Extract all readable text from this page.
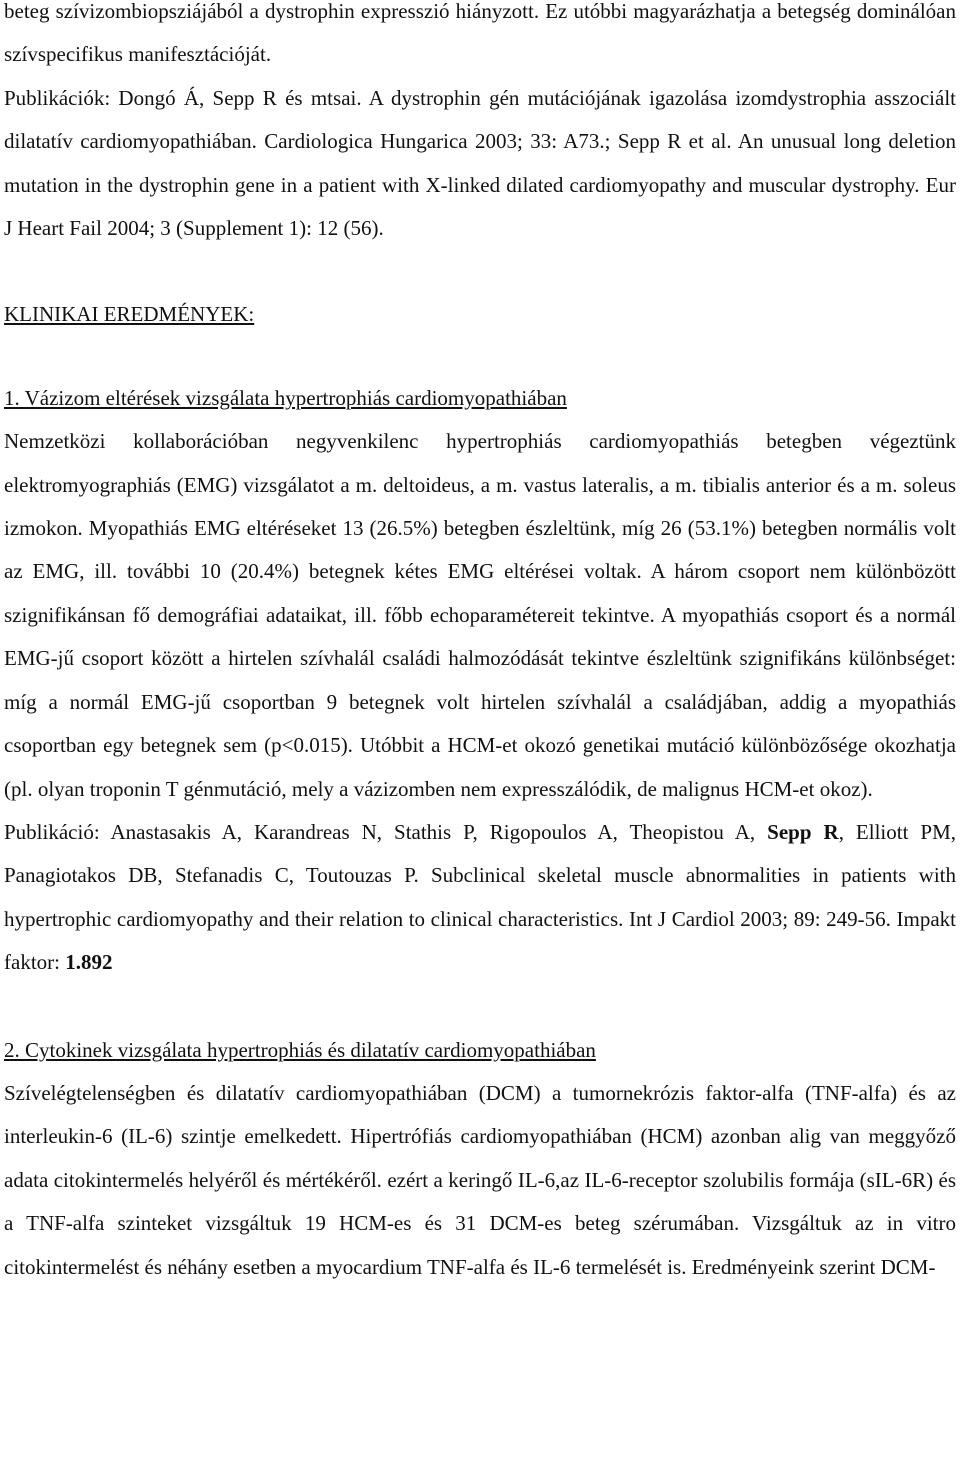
beteg szívizombiopsziájából a dystrophin expresszió hiányzott. Ez utóbbi magyarázhatja a betegség dominálóan szívspecifikus manifesztációját.

Publikációk: Dongó Á, Sepp R és mtsai. A dystrophin gén mutációjának igazolása izomdystrophia asszociált dilatatív cardiomyopathiában. Cardiologica Hungarica 2003; 33: A73.; Sepp R et al. An unusual long deletion mutation in the dystrophin gene in a patient with X-linked dilated cardiomyopathy and muscular dystrophy. Eur J Heart Fail 2004; 3 (Supplement 1): 12 (56).

KLINIKAI EREDMÉNYEK:

1. Vázizom eltérések vizsgálata hypertrophiás cardiomyopathiában

Nemzetközi kollaborációban negyvenkilenc hypertrophiás cardiomyopathiás betegben végeztünk elektromyographiás (EMG) vizsgálatot a m. deltoideus, a m. vastus lateralis, a m. tibialis anterior és a m. soleus izmokon. Myopathiás EMG eltéréseket 13 (26.5%) betegben észleltünk, míg 26 (53.1%) betegben normális volt az EMG, ill. további 10 (20.4%) betegnek kétes EMG eltérései voltak. A három csoport nem különbözött szignifikánsan fő demográfiai adataikat, ill. főbb echoparamétereit tekintve. A myopathiás csoport és a normál EMG-jű csoport között a hirtelen szívhalál családi halmozódását tekintve észleltünk szignifikáns különbséget: míg a normál EMG-jű csoportban 9 betegnek volt hirtelen szívhalál a családjában, addig a myopathiás csoportban egy betegnek sem (p<0.015). Utóbbit a HCM-et okozó genetikai mutáció különbözősége okozhatja (pl. olyan troponin T génmutáció, mely a vázizomben nem expresszálódik, de malignus HCM-et okoz).

Publikáció: Anastasakis A, Karandreas N, Stathis P, Rigopoulos A, Theopistou A, Sepp R, Elliott PM, Panagiotakos DB, Stefanadis C, Toutouzas P. Subclinical skeletal muscle abnormalities in patients with hypertrophic cardiomyopathy and their relation to clinical characteristics. Int J Cardiol 2003; 89: 249-56. Impakt faktor: 1.892

2. Cytokinek vizsgálata hypertrophiás és dilatatív cardiomyopathiában

Szívelégtelenségben és dilatatív cardiomyopathiában (DCM) a tumornekrózis faktor-alfa (TNF-alfa) és az interleukin-6 (IL-6) szintje emelkedett. Hipertrófiás cardiomyopathiában (HCM) azonban alig van meggyőző adata citokintermelés helyéről és mértékéről. ezért a keringő IL-6,az IL-6-receptor szolubilis formája (sIL-6R) és a TNF-alfa szinteket vizsgáltuk 19 HCM-es és 31 DCM-es beteg szérumában. Vizsgáltuk az in vitro citokintermelést és néhány esetben a myocardium TNF-alfa és IL-6 termelését is. Eredményeink szerint DCM-
